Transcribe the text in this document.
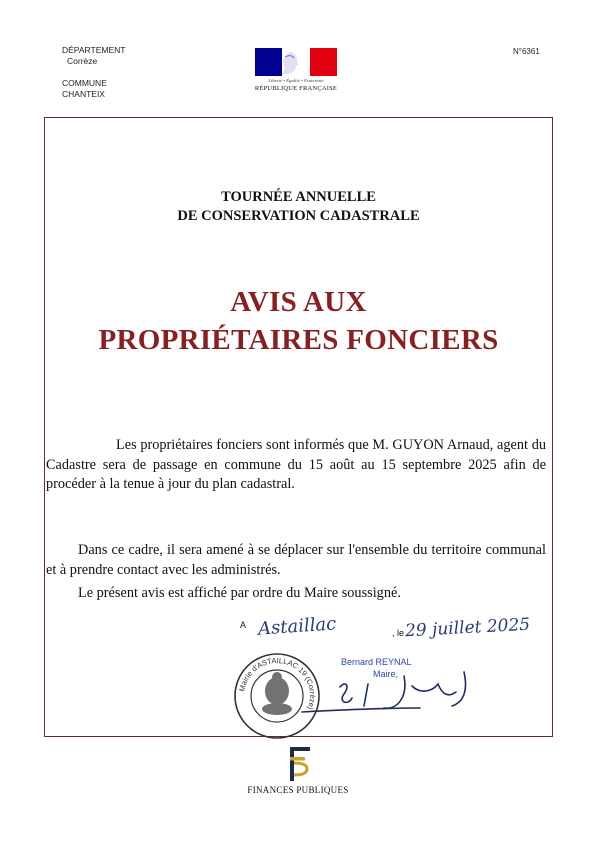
DÉPARTEMENT
Corrèze
COMMUNE
CHANTEIX
N°6361
Liberté • Égalité • Fraternité
RÉPUBLIQUE FRANÇAISE
TOURNÉE ANNUELLE
DE CONSERVATION CADASTRALE
AVIS AUX
PROPRIÉTAIRES FONCIERS
Les propriétaires fonciers sont informés que M. GUYON Arnaud, agent du Cadastre sera de passage en commune du 15 août au 15 septembre 2025 afin de procéder à la tenue à jour du plan cadastral.
Dans ce cadre, il sera amené à se déplacer sur l'ensemble du territoire communal et à prendre contact avec les administrés.
Le présent avis est affiché par ordre du Maire soussigné.
A Astaillac	, le 29 juillet 2025
Mairie d'ASTAILLAC 19 (Corrèze)
Bernard REYNAL
Maire,
FINANCES PUBLIQUES
